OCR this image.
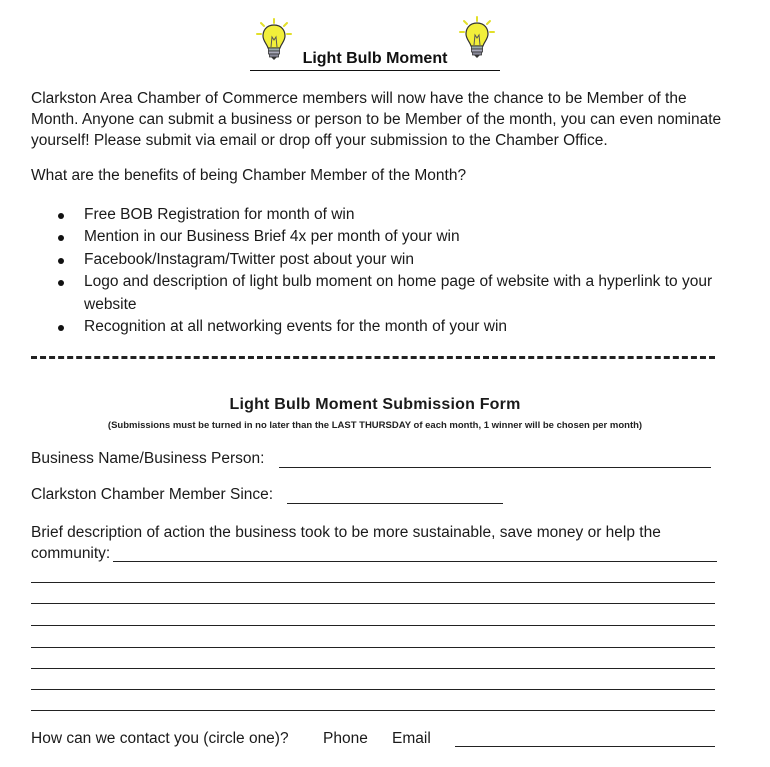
Light Bulb Moment

Clarkston Area Chamber of Commerce members will now have the chance to be Member of the Month. Anyone can submit a business or person to be Member of the month, you can even nominate yourself! Please submit via email or drop off your submission to the Chamber Office.

What are the benefits of being Chamber Member of the Month?

Free BOB Registration for month of win
Mention in our Business Brief 4x per month of your win
Facebook/Instagram/Twitter post about your win
Logo and description of light bulb moment on home page of website with a hyperlink to your website
Recognition at all networking events for the month of your win
Light Bulb Moment Submission Form
(Submissions must be turned in no later than the LAST THURSDAY of each month, 1 winner will be chosen per month)
Business Name/Business Person:
Clarkston Chamber Member Since:

Brief description of action the business took to be more sustainable, save money or help the community:

How can we contact you (circle one)? Phone Email
